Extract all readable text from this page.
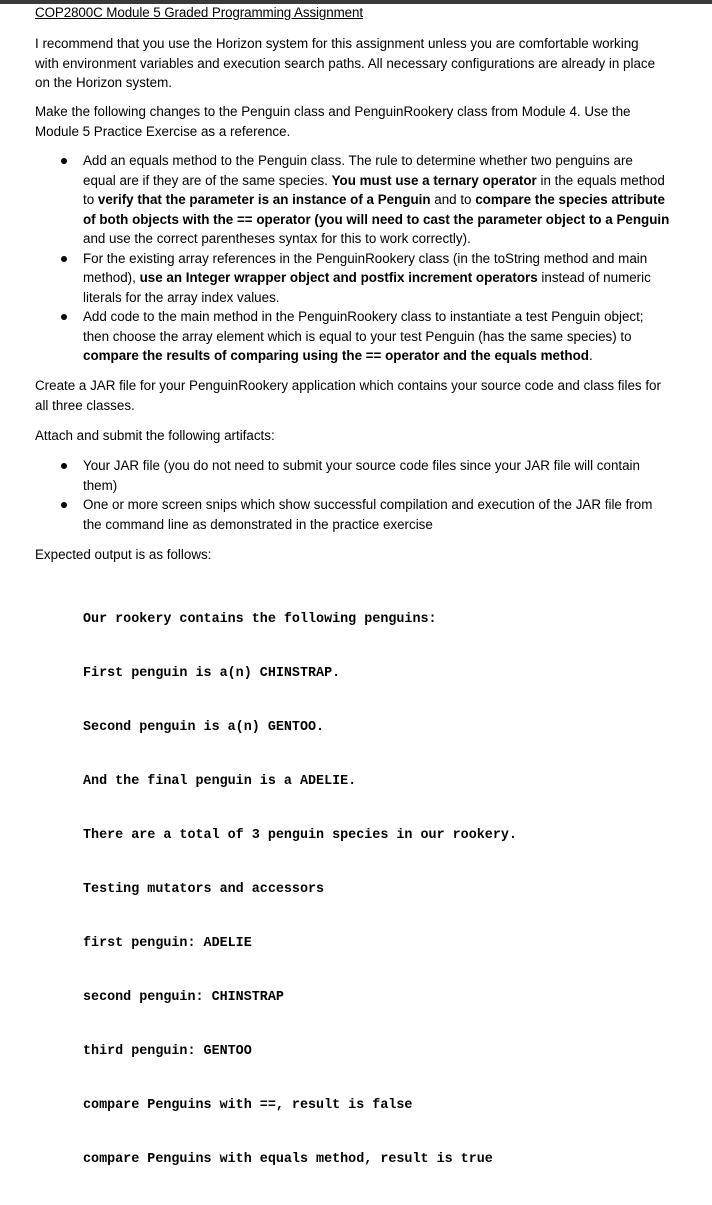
COP2800C Module 5 Graded Programming Assignment
I recommend that you use the Horizon system for this assignment unless you are comfortable working
with environment variables and execution search paths. All necessary configurations are already in place
on the Horizon system.
Make the following changes to the Penguin class and PenguinRookery class from Module 4. Use the
Module 5 Practice Exercise as a reference.
Add an equals method to the Penguin class. The rule to determine whether two penguins are
equal are if they are of the same species. You must use a ternary operator in the equals method
to verify that the parameter is an instance of a Penguin and to compare the species attribute
of both objects with the == operator (you will need to cast the parameter object to a Penguin
and use the correct parentheses syntax for this to work correctly).
For the existing array references in the PenguinRookery class (in the toString method and main
method), use an Integer wrapper object and postfix increment operators instead of numeric
literals for the array index values.
Add code to the main method in the PenguinRookery class to instantiate a test Penguin object;
then choose the array element which is equal to your test Penguin (has the same species) to
compare the results of comparing using the == operator and the equals method.
Create a JAR file for your PenguinRookery application which contains your source code and class files for
all three classes.
Attach and submit the following artifacts:
Your JAR file (you do not need to submit your source code files since your JAR file will contain
them)
One or more screen snips which show successful compilation and execution of the JAR file from
the command line as demonstrated in the practice exercise
Expected output is as follows:

Our rookery contains the following penguins:

First penguin is a(n) CHINSTRAP.

Second penguin is a(n) GENTOO.

And the final penguin is a ADELIE.

There are a total of 3 penguin species in our rookery.

Testing mutators and accessors

first penguin: ADELIE

second penguin: CHINSTRAP

third penguin: GENTOO

compare Penguins with ==, result is false

compare Penguins with equals method, result is true
